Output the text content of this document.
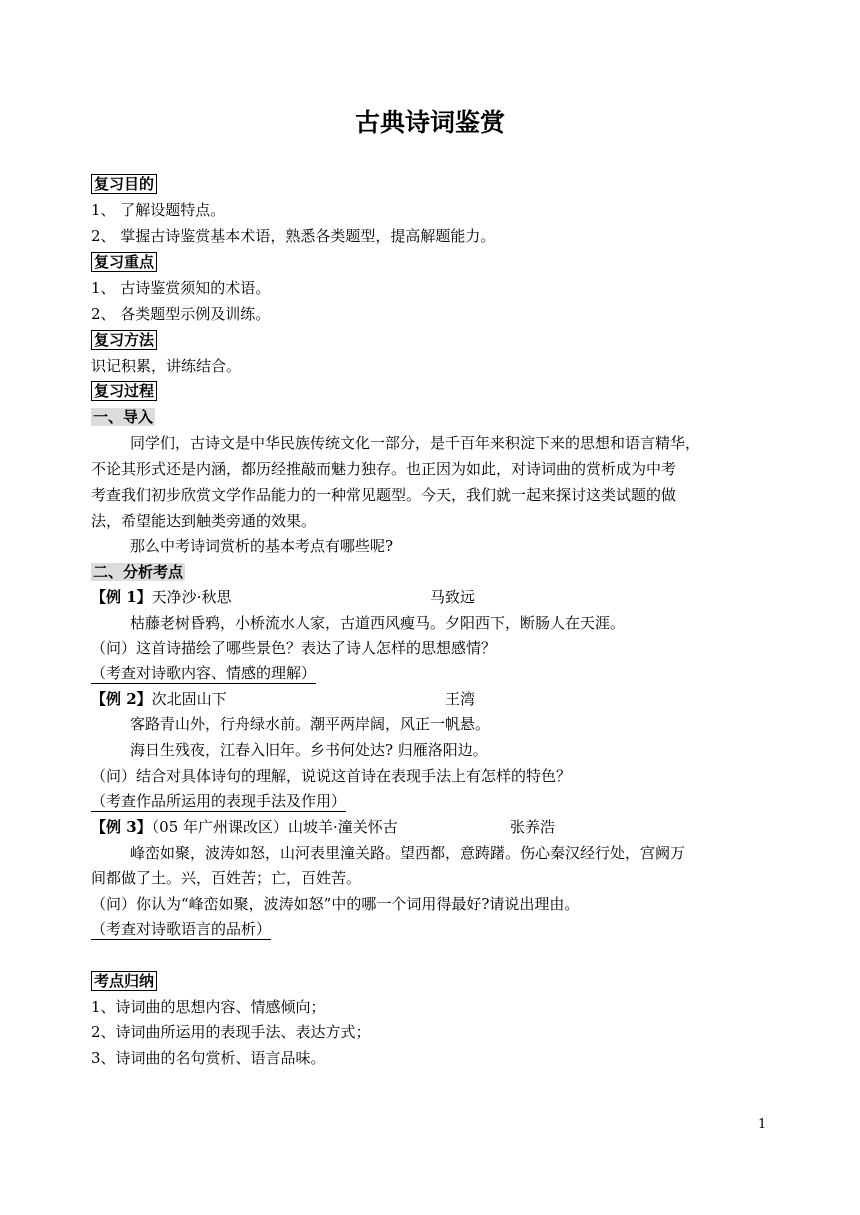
古典诗词鉴赏
复习目的
1、 了解设题特点。
2、 掌握古诗鉴赏基本术语，熟悉各类题型，提高解题能力。
复习重点
1、 古诗鉴赏须知的术语。
2、 各类题型示例及训练。
复习方法
识记积累，讲练结合。
复习过程
一、导入
同学们，古诗文是中华民族传统文化一部分，是千百年来积淀下来的思想和语言精华，
不论其形式还是内涵，都历经推敲而魅力独存。也正因为如此，对诗词曲的赏析成为中考
考查我们初步欣赏文学作品能力的一种常见题型。今天，我们就一起来探讨这类试题的做
法，希望能达到触类旁通的效果。
那么中考诗词赏析的基本考点有哪些呢?
二、分析考点
【例 1】天净沙·秋思	马致远
枯藤老树昏鸦，小桥流水人家，古道西风瘦马。夕阳西下，断肠人在天涯。
（问）这首诗描绘了哪些景色？表达了诗人怎样的思想感情？
（考查对诗歌内容、情感的理解）
【例 2】次北固山下	王湾
客路青山外，行舟绿水前。潮平两岸阔，风正一帆悬。
海日生残夜，江春入旧年。乡书何处达? 归雁洛阳边。
（问）结合对具体诗句的理解，说说这首诗在表现手法上有怎样的特色？
（考查作品所运用的表现手法及作用）
【例 3】（05 年广州课改区）山坡羊·潼关怀古	张养浩
峰峦如聚，波涛如怒，山河表里潼关路。望西都，意踌躇。伤心秦汉经行处，宫阙万
间都做了土。兴，百姓苦；亡，百姓苦。
（问）你认为“峰峦如聚，波涛如怒”中的哪一个词用得最好?请说出理由。
（考查对诗歌语言的品析）
考点归纳
1、诗词曲的思想内容、情感倾向；
2、诗词曲所运用的表现手法、表达方式；
3、诗词曲的名句赏析、语言品味。
1
